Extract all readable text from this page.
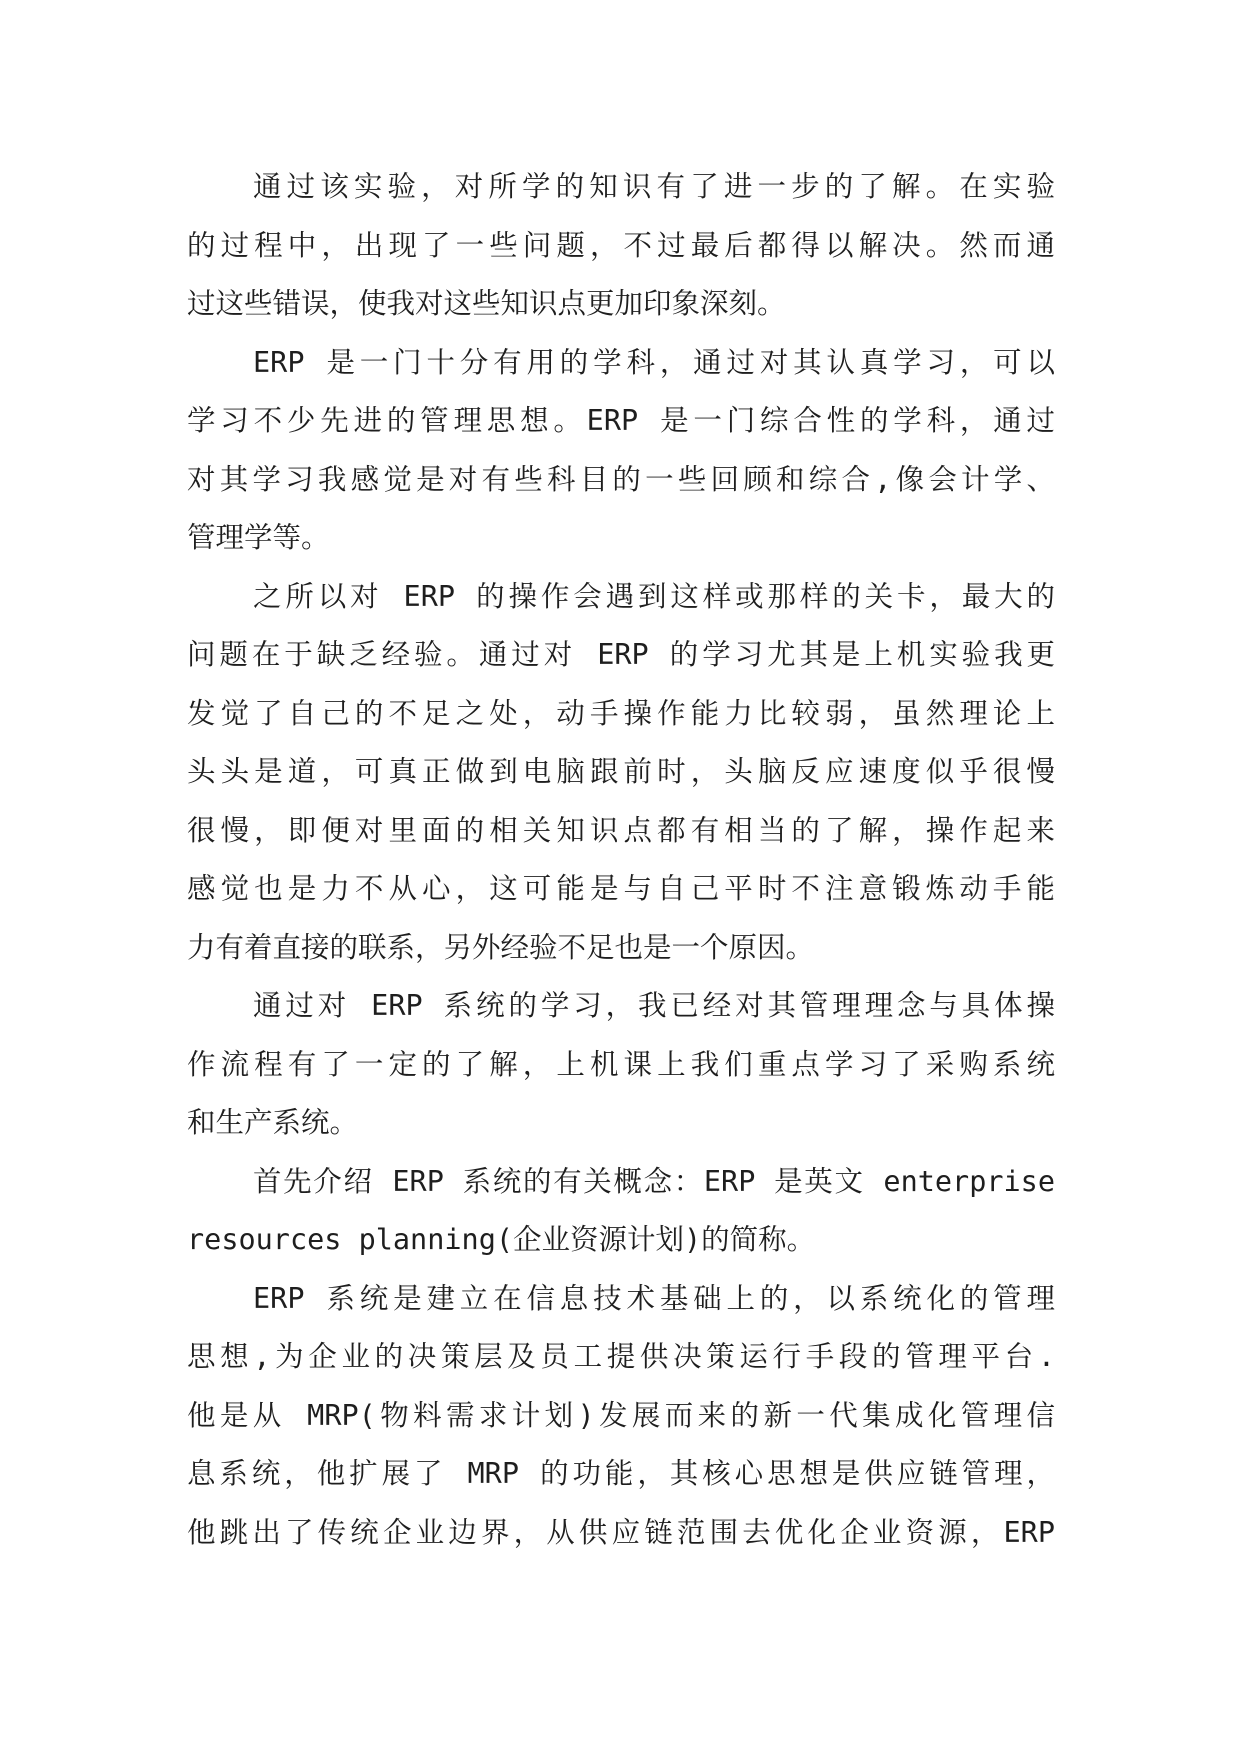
通过该实验，对所学的知识有了进一步的了解。在实验
的过程中，出现了一些问题，不过最后都得以解决。然而通
过这些错误，使我对这些知识点更加印象深刻。
ERP 是一门十分有用的学科，通过对其认真学习，可以
学习不少先进的管理思想。ERP 是一门综合性的学科，通过
对其学习我感觉是对有些科目的一些回顾和综合,像会计学、
管理学等。
之所以对 ERP 的操作会遇到这样或那样的关卡，最大的
问题在于缺乏经验。通过对 ERP 的学习尤其是上机实验我更
发觉了自己的不足之处，动手操作能力比较弱，虽然理论上
头头是道，可真正做到电脑跟前时，头脑反应速度似乎很慢
很慢，即便对里面的相关知识点都有相当的了解，操作起来
感觉也是力不从心，这可能是与自己平时不注意锻炼动手能
力有着直接的联系，另外经验不足也是一个原因。
通过对 ERP 系统的学习，我已经对其管理理念与具体操
作流程有了一定的了解，上机课上我们重点学习了采购系统
和生产系统。
首先介绍 ERP 系统的有关概念：ERP 是英文 enterprise
resources planning(企业资源计划)的简称。
ERP 系统是建立在信息技术基础上的，以系统化的管理
思想,为企业的决策层及员工提供决策运行手段的管理平台.
他是从 MRP(物料需求计划)发展而来的新一代集成化管理信
息系统，他扩展了 MRP 的功能，其核心思想是供应链管理，
他跳出了传统企业边界，从供应链范围去优化企业资源，ERP
